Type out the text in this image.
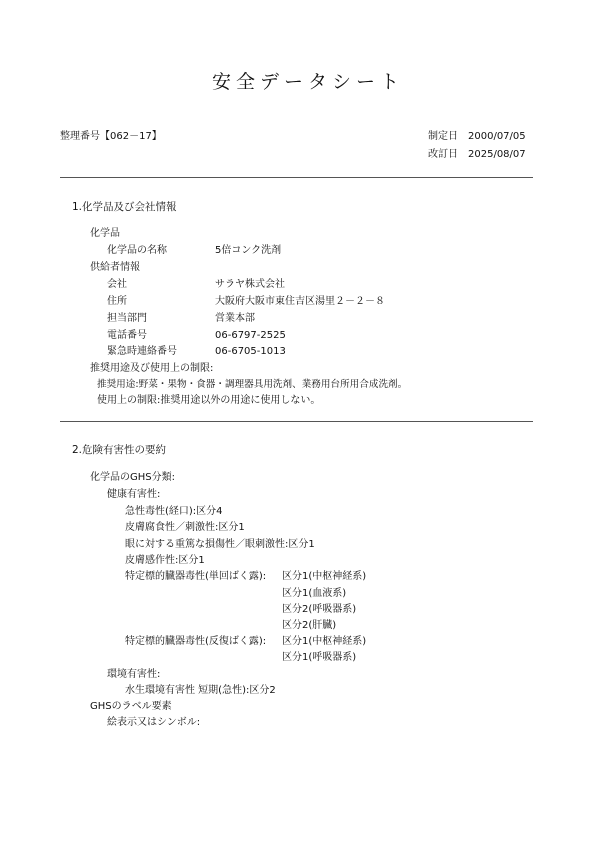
安全データシート
整理番号【062－17】	制定日 2000/07/05
改訂日 2025/08/07
1.化学品及び会社情報
化学品
化学品の名称	5倍コンク洗剤
供給者情報
会社	サラヤ株式会社
住所	大阪府大阪市東住吉区湯里２－２－８
担当部門	営業本部
電話番号	06-6797-2525
緊急時連絡番号	06-6705-1013
推奨用途及び使用上の制限:
推奨用途:野菜・果物・食器・調理器具用洗剤、業務用台所用合成洗剤。
使用上の制限:推奨用途以外の用途に使用しない。
2.危険有害性の要約
化学品のGHS分類:
健康有害性:
急性毒性(経口):区分4
皮膚腐食性／刺激性:区分1
眼に対する重篤な損傷性／眼刺激性:区分1
皮膚感作性:区分1
特定標的臓器毒性(単回ばく露): 区分1(中枢神経系)
区分1(血液系)
区分2(呼吸器系)
区分2(肝臓)
特定標的臓器毒性(反復ばく露): 区分1(中枢神経系)
区分1(呼吸器系)
環境有害性:
水生環境有害性 短期(急性):区分2
GHSのラベル要素
絵表示又はシンボル:
